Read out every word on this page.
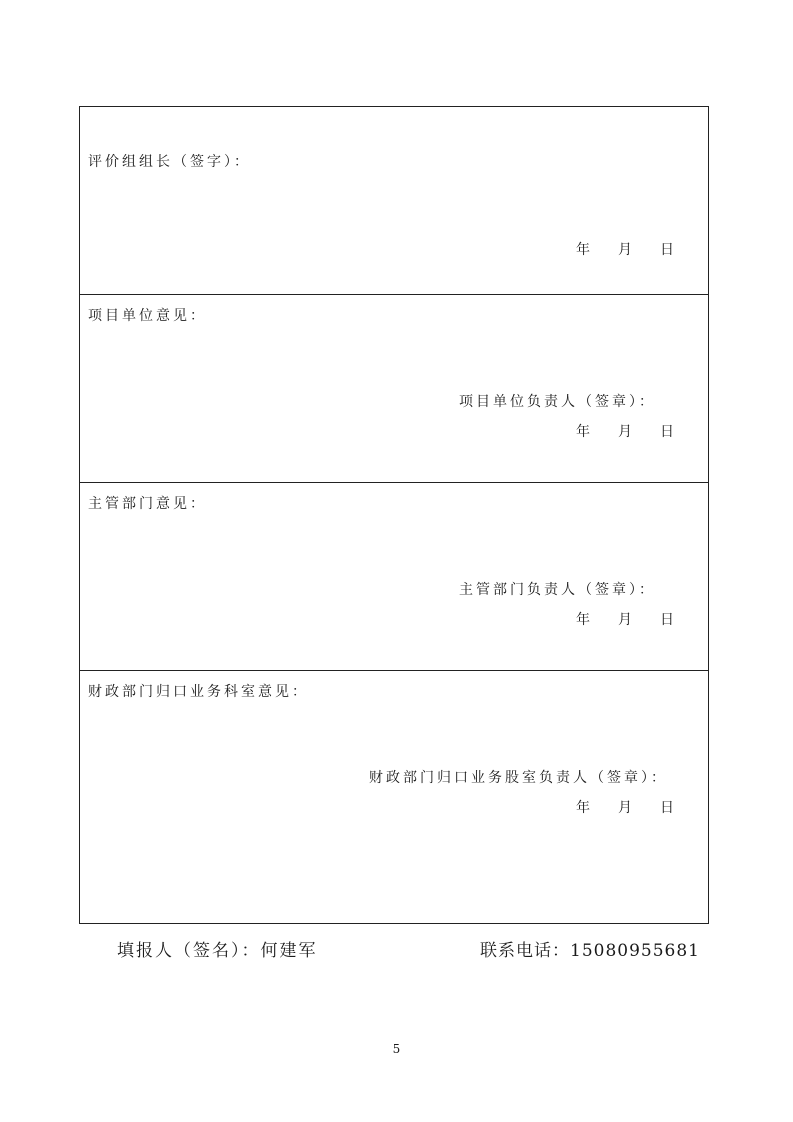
评价组组长（签字）：
年 月 日
项目单位意见：
项目单位负责人（签章）：
年 月 日
主管部门意见：
主管部门负责人（签章）：
年 月 日
财政部门归口业务科室意见：
财政部门归口业务股室负责人（签章）：
年 月 日
填报人（签名）：何建军	联系电话：15080955681
5
